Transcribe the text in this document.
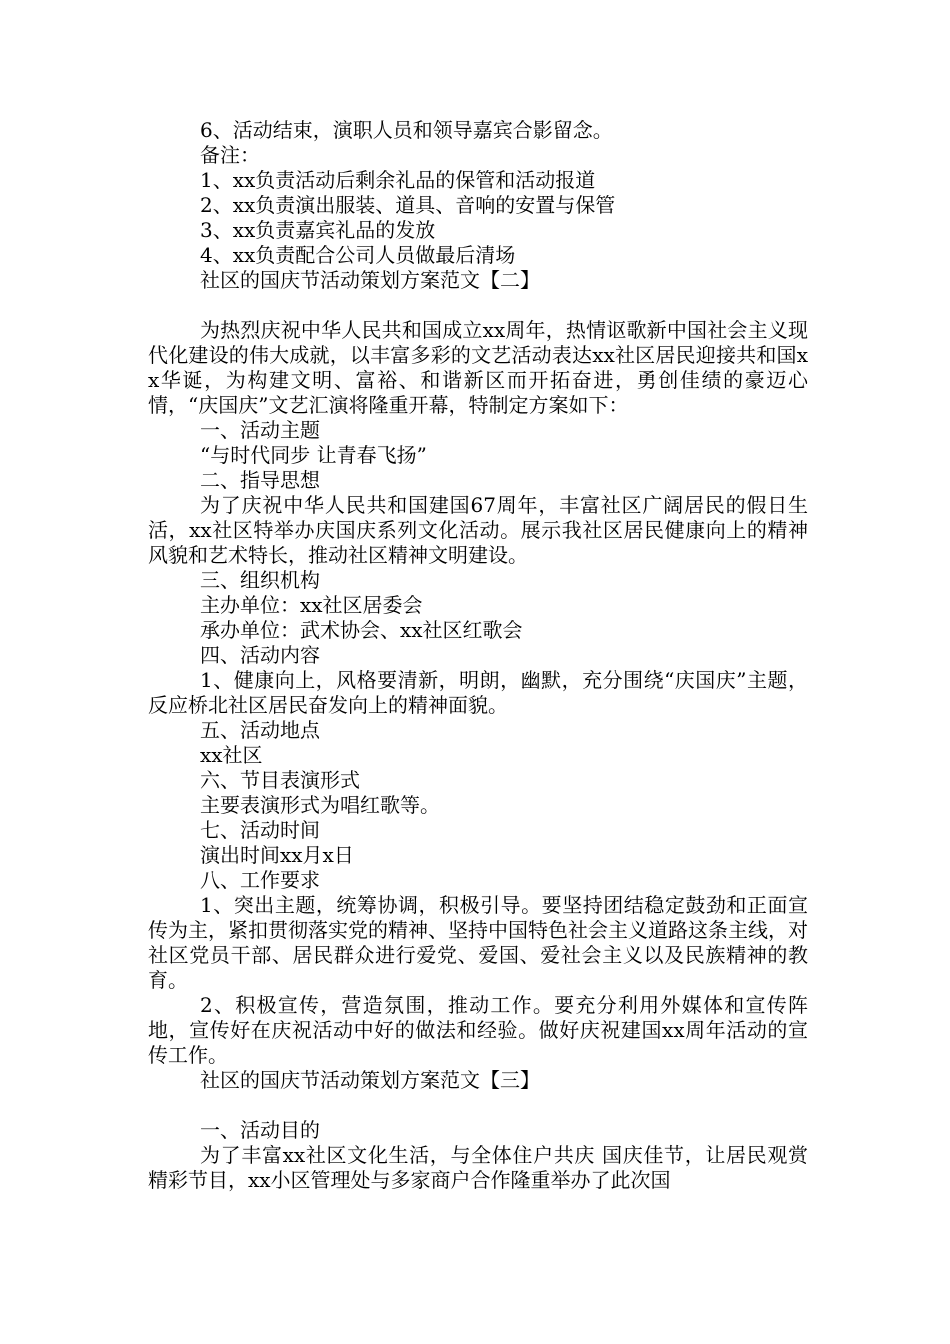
6、活动结束，演职人员和领导嘉宾合影留念。

备注：

1、xx负责活动后剩余礼品的保管和活动报道

2、xx负责演出服装、道具、音响的安置与保管

3、xx负责嘉宾礼品的发放

4、xx负责配合公司人员做最后清场

社区的国庆节活动策划方案范文【二】

为热烈庆祝中华人民共和国成立xx周年，热情讴歌新中国社会主义现代化建设的伟大成就，以丰富多彩的文艺活动表达xx社区居民迎接共和国xx华诞，为构建文明、富裕、和谐新区而开拓奋进，勇创佳绩的豪迈心情，“庆国庆”文艺汇演将隆重开幕，特制定方案如下：

一、活动主题

“与时代同步 让青春飞扬”

二、指导思想

为了庆祝中华人民共和国建国67周年，丰富社区广阔居民的假日生活，xx社区特举办庆国庆系列文化活动。展示我社区居民健康向上的精神风貌和艺术特长，推动社区精神文明建设。

三、组织机构

主办单位：xx社区居委会

承办单位：武术协会、xx社区红歌会

四、活动内容

1、健康向上，风格要清新，明朗，幽默，充分围绕“庆国庆”主题，反应桥北社区居民奋发向上的精神面貌。

五、活动地点

xx社区

六、节目表演形式

主要表演形式为唱红歌等。

七、活动时间

演出时间xx月x日

八、工作要求

1、突出主题，统筹协调，积极引导。要坚持团结稳定鼓劲和正面宣传为主，紧扣贯彻落实党的精神、坚持中国特色社会主义道路这条主线，对社区党员干部、居民群众进行爱党、爱国、爱社会主义以及民族精神的教育。

2、积极宣传，营造氛围，推动工作。要充分利用外媒体和宣传阵地，宣传好在庆祝活动中好的做法和经验。做好庆祝建国xx周年活动的宣传工作。

社区的国庆节活动策划方案范文【三】

一、活动目的

为了丰富xx社区文化生活，与全体住户共庆 国庆佳节，让居民观赏精彩节目，xx小区管理处与多家商户合作隆重举办了此次国
